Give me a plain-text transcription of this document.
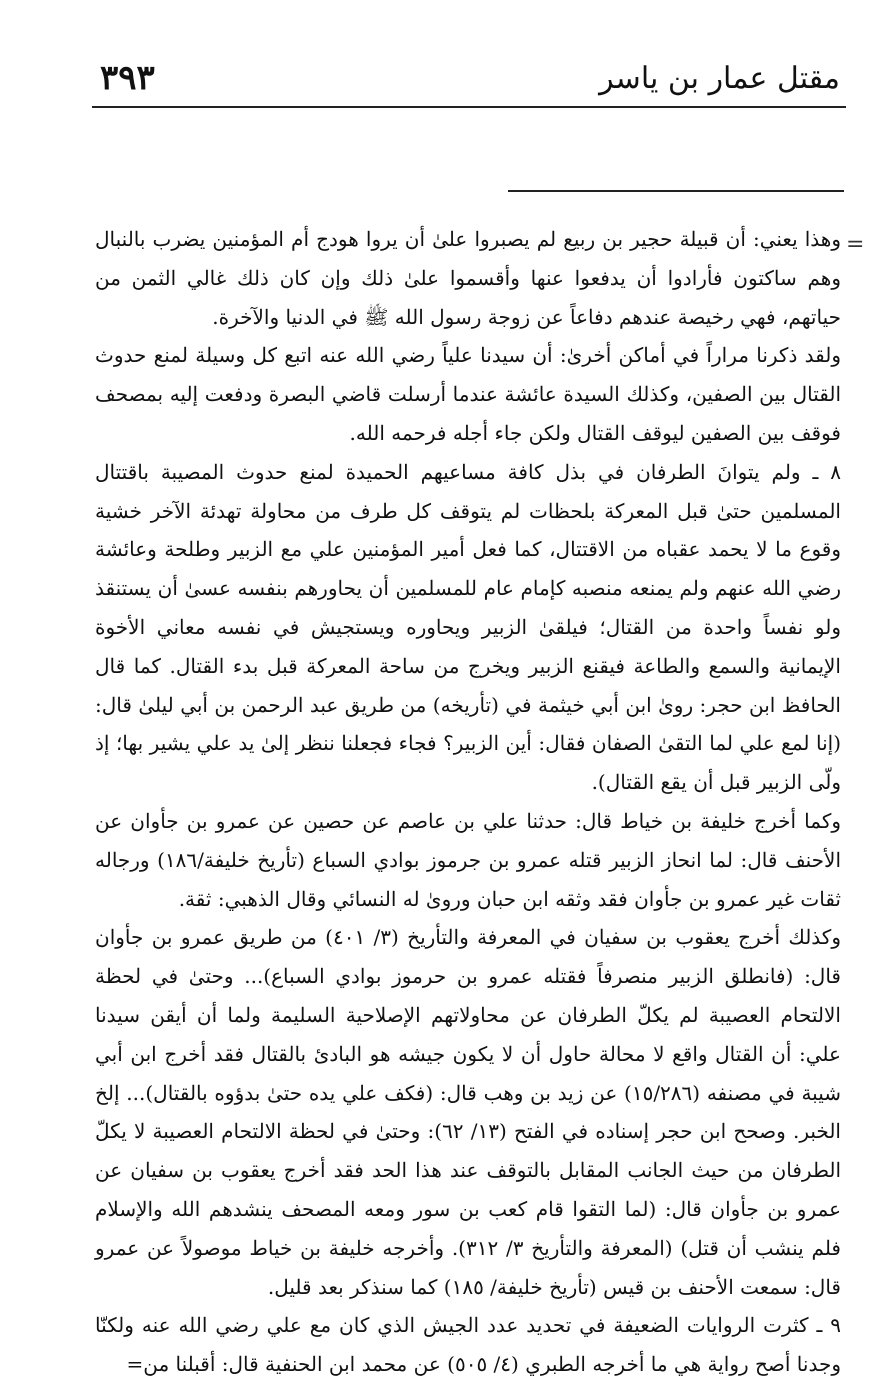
٣٩٣	مقتل عمار بن ياسر
=

وهذا يعني: أن قبيلة حجير بن ربيع لم يصبروا علىٰ أن يروا هودج أم المؤمنين يضرب بالنبال وهم ساكتون فأرادوا أن يدفعوا عنها وأقسموا علىٰ ذلك وإن كان ذلك غالي الثمن من حياتهم، فهي رخيصة عندهم دفاعاً عن زوجة رسول الله ﷺ في الدنيا والآخرة.

ولقد ذكرنا مراراً في أماكن أخرىٰ: أن سيدنا علياً رضي الله عنه اتبع كل وسيلة لمنع حدوث القتال بين الصفين، وكذلك السيدة عائشة عندما أرسلت قاضي البصرة ودفعت إليه بمصحف فوقف بين الصفين ليوقف القتال ولكن جاء أجله فرحمه الله.

٨ ـ ولم يتوانَ الطرفان في بذل كافة مساعيهم الحميدة لمنع حدوث المصيبة باقتتال المسلمين حتىٰ قبل المعركة بلحظات لم يتوقف كل طرف من محاولة تهدئة الآخر خشية وقوع ما لا يحمد عقباه من الاقتتال، كما فعل أمير المؤمنين علي مع الزبير وطلحة وعائشة رضي الله عنهم ولم يمنعه منصبه كإمام عام للمسلمين أن يحاورهم بنفسه عسىٰ أن يستنقذ ولو نفساً واحدة من القتال؛ فيلقىٰ الزبير ويحاوره ويستجيش في نفسه معاني الأخوة الإيمانية والسمع والطاعة فيقنع الزبير ويخرج من ساحة المعركة قبل بدء القتال. كما قال الحافظ ابن حجر: روىٰ ابن أبي خيثمة في (تأريخه) من طريق عبد الرحمن بن أبي ليلىٰ قال: (إنا لمع علي لما التقىٰ الصفان فقال: أين الزبير؟ فجاء فجعلنا ننظر إلىٰ يد علي يشير بها؛ إذ ولّى الزبير قبل أن يقع القتال).

وكما أخرج خليفة بن خياط قال: حدثنا علي بن عاصم عن حصين عن عمرو بن جأوان عن الأحنف قال: لما انحاز الزبير قتله عمرو بن جرموز بوادي السباع (تأريخ خليفة/١٨٦) ورجاله ثقات غير عمرو بن جأوان فقد وثقه ابن حبان وروىٰ له النسائي وقال الذهبي: ثقة.

وكذلك أخرج يعقوب بن سفيان في المعرفة والتأريخ (٣/ ٤٠١) من طريق عمرو بن جأوان قال: (فانطلق الزبير منصرفاً فقتله عمرو بن حرموز بوادي السباع)... وحتىٰ في لحظة الالتحام العصيبة لم يكلّ الطرفان عن محاولاتهم الإصلاحية السليمة ولما أن أيقن سيدنا علي: أن القتال واقع لا محالة حاول أن لا يكون جيشه هو البادئ بالقتال فقد أخرج ابن أبي شيبة في مصنفه (١٥/٢٨٦) عن زيد بن وهب قال: (فكف علي يده حتىٰ بدؤوه بالقتال)... إلخ الخبر. وصحح ابن حجر إسناده في الفتح (١٣/ ٦٢): وحتىٰ في لحظة الالتحام العصيبة لا يكلّ الطرفان من حيث الجانب المقابل بالتوقف عند هذا الحد فقد أخرج يعقوب بن سفيان عن عمرو بن جأوان قال: (لما التقوا قام كعب بن سور ومعه المصحف ينشدهم الله والإسلام فلم ينشب أن قتل) (المعرفة والتأريخ ٣/ ٣١٢). وأخرجه خليفة بن خياط موصولاً عن عمرو قال: سمعت الأحنف بن قيس (تأريخ خليفة/ ١٨٥) كما سنذكر بعد قليل.

٩ ـ كثرت الروايات الضعيفة في تحديد عدد الجيش الذي كان مع علي رضي الله عنه ولكنّا وجدنا أصح رواية هي ما أخرجه الطبري (٤/ ٥٠٥) عن محمد ابن الحنفية قال: أقبلنا من=
